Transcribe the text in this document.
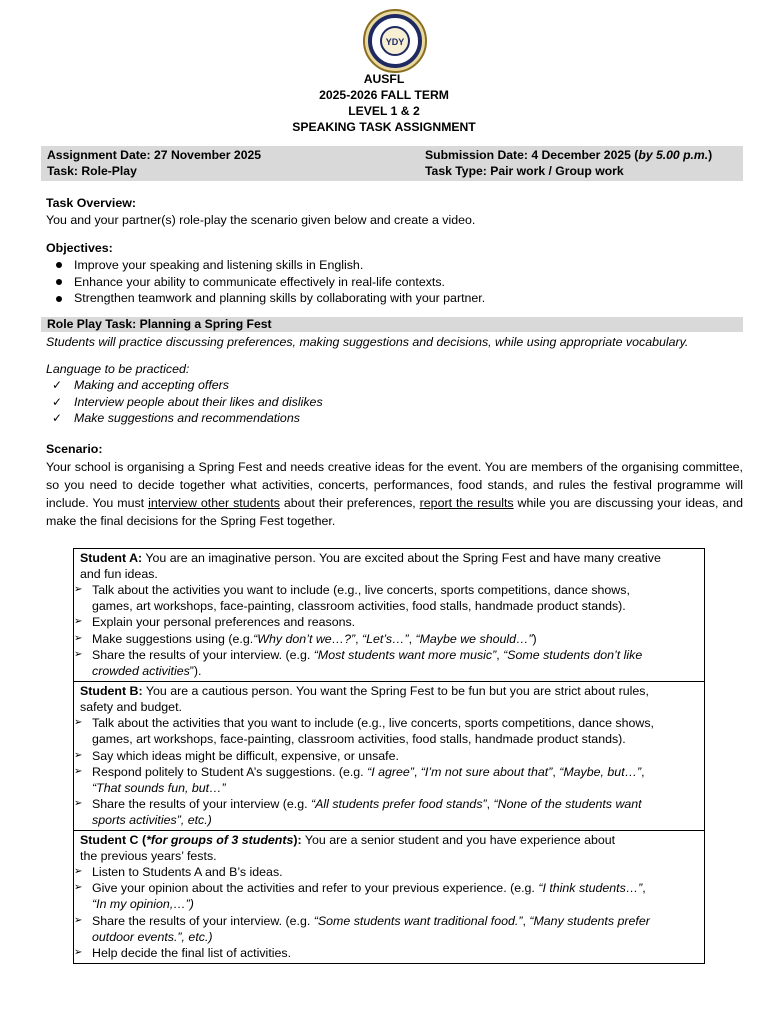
YDY
ANKARA
AUSFL
2025-2026 FALL TERM
LEVEL 1 & 2
SPEAKING TASK ASSIGNMENT
Assignment Date: 27 November 2025	Submission Date: 4 December 2025 (by 5.00 p.m.)
Task: Role-Play	Task Type: Pair work / Group work
Task Overview:
You and your partner(s) role-play the scenario given below and create a video.
Objectives:
Improve your speaking and listening skills in English.
Enhance your ability to communicate effectively in real-life contexts.
Strengthen teamwork and planning skills by collaborating with your partner.
Role Play Task: Planning a Spring Fest
Students will practice discussing preferences, making suggestions and decisions, while using appropriate vocabulary.
Language to be practiced:
✓ Making and accepting offers
✓ Interview people about their likes and dislikes
✓ Make suggestions and recommendations
Scenario:
Your school is organising a Spring Fest and needs creative ideas for the event. You are members of the organising committee, so you need to decide together what activities, concerts, performances, food stands, and rules the festival programme will include. You must interview other students about their preferences, report the results while you are discussing your ideas, and make the final decisions for the Spring Fest together.
Student A: You are an imaginative person. You are excited about the Spring Fest and have many creative
and fun ideas.
➢ Talk about the activities you want to include (e.g., live concerts, sports competitions, dance shows,
games, art workshops, face-painting, classroom activities, food stalls, handmade product stands).
➢ Explain your personal preferences and reasons.
➢ Make suggestions using (e.g.“Why don’t we…?”, “Let’s…”, “Maybe we should…”)
➢ Share the results of your interview. (e.g. “Most students want more music”, “Some students don’t like
crowded activities”).
Student B: You are a cautious person. You want the Spring Fest to be fun but you are strict about rules,
safety and budget.
➢ Talk about the activities that you want to include (e.g., live concerts, sports competitions, dance shows,
games, art workshops, face-painting, classroom activities, food stalls, handmade product stands).
➢ Say which ideas might be difficult, expensive, or unsafe.
➢ Respond politely to Student A’s suggestions. (e.g. “I agree”, “I’m not sure about that”, “Maybe, but…”,
“That sounds fun, but…”
➢ Share the results of your interview (e.g. “All students prefer food stands”, “None of the students want
sports activities”, etc.)
Student C (*for groups of 3 students): You are a senior student and you have experience about
the previous years’ fests.
➢ Listen to Students A and B’s ideas.
➢ Give your opinion about the activities and refer to your previous experience. (e.g. “I think students…”,
“In my opinion,…”)
➢ Share the results of your interview. (e.g. “Some students want traditional food.”, “Many students prefer
outdoor events.”, etc.)
➢ Help decide the final list of activities.
